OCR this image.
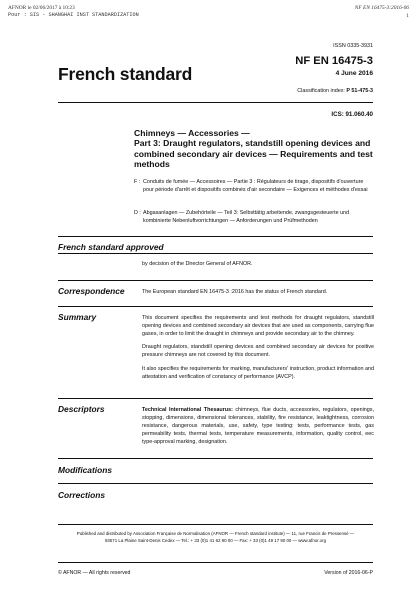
AFNOR le 02/06/2017 à 10:23
Pour : SIS - SHANGHAI INST STANDARDIZATION
NF EN 16475-3:2016-06
1
ISSN 0335-3931
French standard
NF EN 16475-3
4 June 2016
Classification index: P 51-475-3
ICS: 91.060.40
Chimneys — Accessories —
Part 3: Draught regulators, standstill opening devices and combined secondary air devices — Requirements and test methods
F : Conduits de fumée — Accessoires — Partie 3 : Régulateurs de tirage, dispositifs d'ouverture pour période d'arrêt et dispositifs combinés d'air secondaire — Exigences et méthodes d'essai
D : Abgasanlagen — Zubehörteile — Teil 3: Selbsttätig arbeitende, zwangsgesteuerte und kombinierte Nebenluftvorrichtungen — Anforderungen und Prüfmethoden
French standard approved
by decision of the Director General of AFNOR.
Correspondence	The European standard EN 16475-3 :2016 has the status of French standard.
Summary	This document specifies the requirements and test methods for draught regulators, standstill opening devices and combined secondary air devices that are used as components, carrying flue gases, in order to limit the draught in chimneys and provide secondary air to the chimney.

Draught regulators, standstill opening devices and combined secondary air devices for positive pressure chimneys are not covered by this document.

It also specifies the requirements for marking, manufacturers' instruction, product information and attestation and verification of constancy of performance (AVCP).

Descriptors	Technical International Thesaurus: chimneys, flue ducts, accessories, regulators, openings, stopping, dimensions, dimensional tolerances, stability, fire resistance, leaktightness, corrosion resistance, dangerous materials, use, safety, type testing: tests, performance tests, gas permeability tests, thermal tests, temperature measurements, information, quality control, eec type-approval marking, designation.
Modifications
Corrections
Published and distributed by Association Française de Normalisation (AFNOR — French standard institute) — 11, rue Francis de Pressensé —
93571 La Plaine Saint-Denis Cedex — Tel.: + 33 (0)1 41 62 80 00 — Fax: + 33 (0)1 49 17 90 00 — www.afnor.org
© AFNOR — All rights reserved	Version of 2016-06-P
